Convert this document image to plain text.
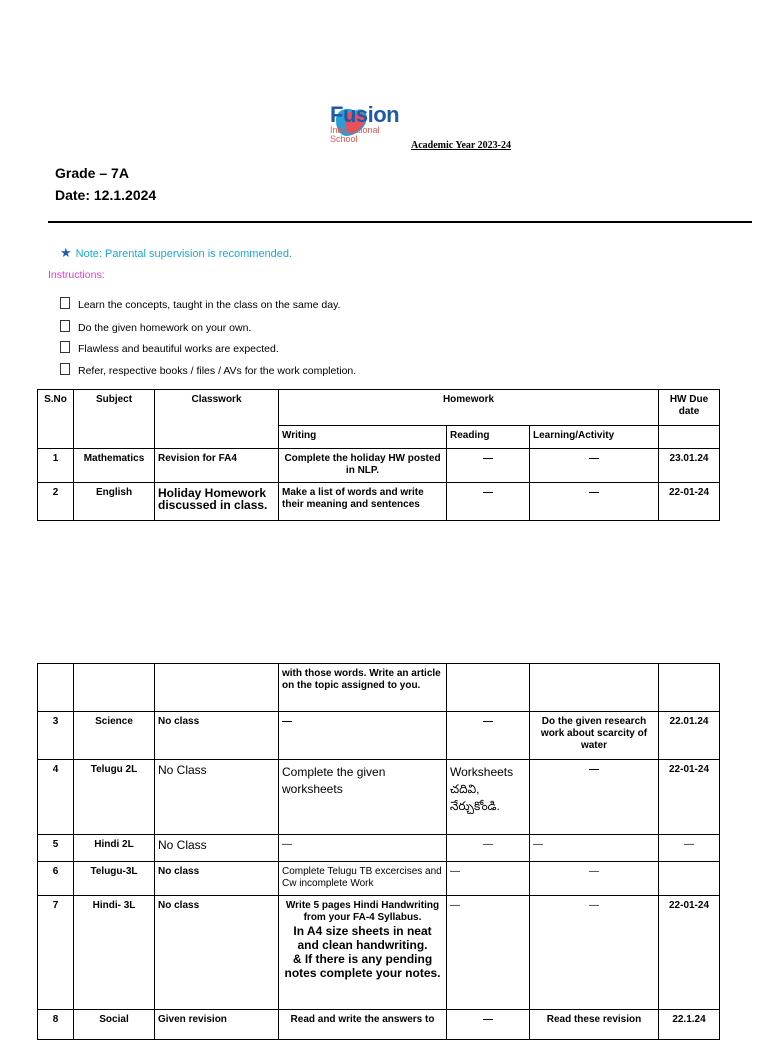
Fusion
International
School
Academic Year 2023-24
Grade – 7A
Date: 12.1.2024
★ Note: Parental supervision is recommended.
Instructions:
Learn the concepts, taught in the class on the same day.
Do the given homework on your own.
Flawless and beautiful works are expected.
Refer, respective books / files / AVs for the work completion.
S.No	Subject	Classwork	Homework			HW Due date
			Writing	Reading	Learning/Activity	
1	Mathematics	Revision for FA4	Complete the holiday HW posted in NLP.	—	—	23.01.24
2	English	Holiday Homework discussed in class.	Make a list of words and write their meaning and sentences	—	—	22-01-24
			with those words. Write an article on the topic assigned to you.			
3	Science	No class	—	—	Do the given research work about scarcity of water	22.01.24
4	Telugu 2L	No Class	Complete the given worksheets	Worksheets
చదివి,
నేర్చుకోండి.	—	22-01-24
5	Hindi 2L	No Class	—	—	—	—
6	Telugu-3L	No class	Complete Telugu TB excercises and Cw incomplete Work	—	—	
7	Hindi- 3L	No class	Write 5 pages Hindi Handwriting from your FA-4 Syllabus.
In A4 size sheets in neat and clean handwriting.
& If there is any pending notes complete your notes.	—	—	22-01-24
8	Social	Given revision	Read and write the answers to	—	Read these revision	22.1.24
